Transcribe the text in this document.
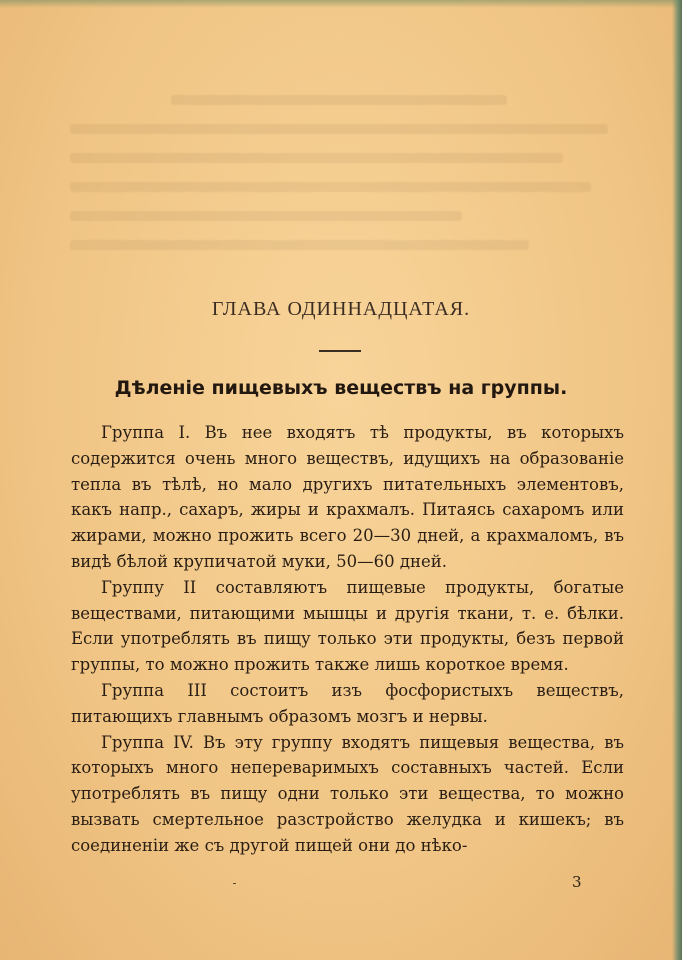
ГЛАВА ОДИННАДЦАТАЯ.
Дѣленіе пищевыхъ веществъ на группы.

Группа I. Въ нее входятъ тѣ продукты, въ которыхъ содержится очень много веществъ, идущихъ на образованіе тепла въ тѣлѣ, но мало другихъ питательныхъ элементовъ, какъ напр., сахаръ, жиры и крахмалъ. Питаясь сахаромъ или жирами, можно прожить всего 20—30 дней, а крахмаломъ, въ видѣ бѣлой крупичатой муки, 50—60 дней.

Группу II составляютъ пищевые продукты, богатые веществами, питающими мышцы и другія ткани, т. е. бѣлки. Если употреблять въ пищу только эти продукты, безъ первой группы, то можно прожить также лишь короткое время.

Группа III состоитъ изъ фосфористыхъ веществъ, питающихъ главнымъ образомъ мозгъ и нервы.

Группа IV. Въ эту группу входятъ пищевыя вещества, въ которыхъ много непереваримыхъ составныхъ частей. Если употреблять въ пищу одни только эти вещества, то можно вызвать смертельное разстройство желудка и кишекъ; въ соединеніи же съ другой пищей они до нѣко-

3
